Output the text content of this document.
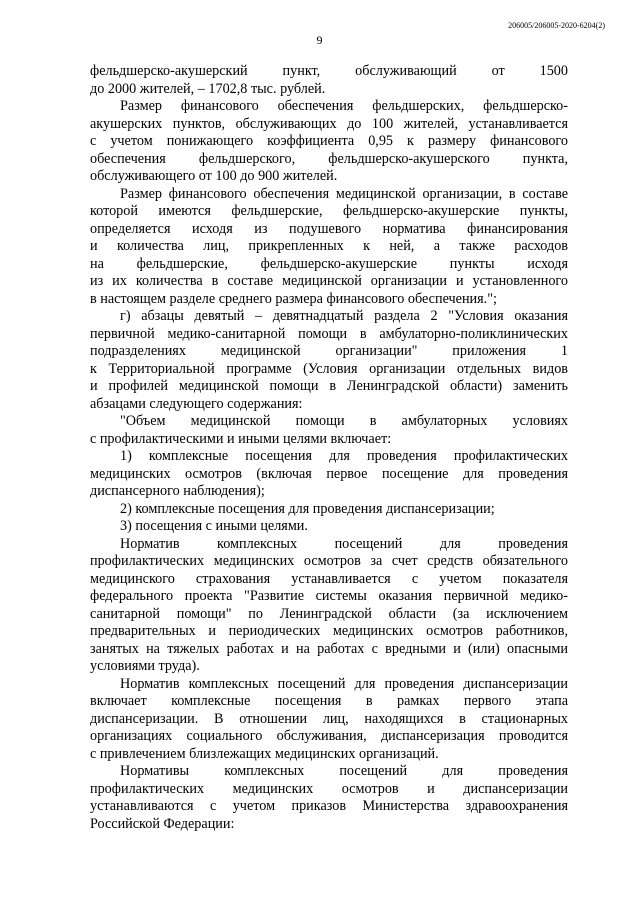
206005/206005-2020-6204(2)
9

фельдшерско-акушерский пункт, обслуживающий от 1500
до 2000 жителей, – 1702,8 тыс. рублей.

Размер финансового обеспечения фельдшерских, фельдшерско-
акушерских пунктов, обслуживающих до 100 жителей, устанавливается
с учетом понижающего коэффициента 0,95 к размеру финансового
обеспечения фельдшерского, фельдшерско-акушерского пункта,
обслуживающего от 100 до 900 жителей.

Размер финансового обеспечения медицинской организации, в составе
которой имеются фельдшерские, фельдшерско-акушерские пункты,
определяется исходя из подушевого норматива финансирования
и количества лиц, прикрепленных к ней, а также расходов
на фельдшерские, фельдшерско-акушерские пункты исходя
из их количества в составе медицинской организации и установленного
в настоящем разделе среднего размера финансового обеспечения.";

г) абзацы девятый – девятнадцатый раздела 2 "Условия оказания
первичной медико-санитарной помощи в амбулаторно-поликлинических
подразделениях медицинской организации" приложения 1
к Территориальной программе (Условия организации отдельных видов
и профилей медицинской помощи в Ленинградской области) заменить
абзацами следующего содержания:

"Объем медицинской помощи в амбулаторных условиях
с профилактическими и иными целями включает:

1) комплексные посещения для проведения профилактических
медицинских осмотров (включая первое посещение для проведения
диспансерного наблюдения);

2) комплексные посещения для проведения диспансеризации;

3) посещения с иными целями.

Норматив комплексных посещений для проведения
профилактических медицинских осмотров за счет средств обязательного
медицинского страхования устанавливается с учетом показателя
федерального проекта "Развитие системы оказания первичной медико-
санитарной помощи" по Ленинградской области (за исключением
предварительных и периодических медицинских осмотров работников,
занятых на тяжелых работах и на работах с вредными и (или) опасными
условиями труда).

Норматив комплексных посещений для проведения диспансеризации
включает комплексные посещения в рамках первого этапа
диспансеризации. В отношении лиц, находящихся в стационарных
организациях социального обслуживания, диспансеризация проводится
с привлечением близлежащих медицинских организаций.

Нормативы комплексных посещений для проведения
профилактических медицинских осмотров и диспансеризации
устанавливаются с учетом приказов Министерства здравоохранения
Российской Федерации:
